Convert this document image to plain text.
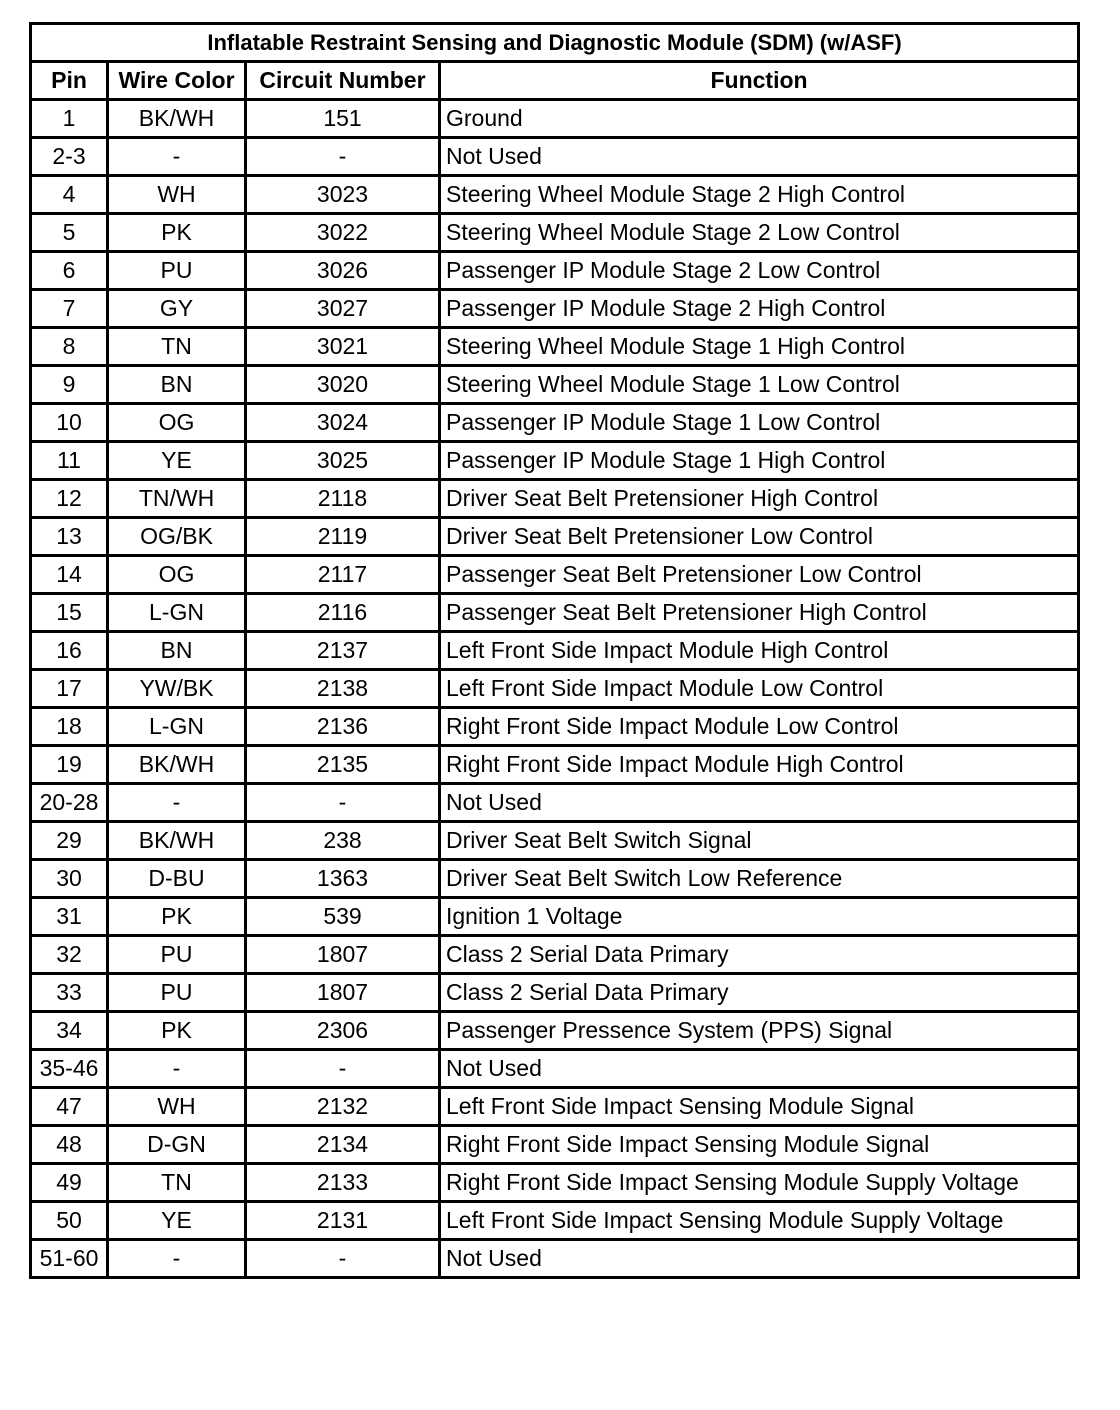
Inflatable Restraint Sensing and Diagnostic Module (SDM) (w/ASF)			
Pin	Wire Color	Circuit Number	Function
1	BK/WH	151	Ground
2-3	-	-	Not Used
4	WH	3023	Steering Wheel Module Stage 2 High Control
5	PK	3022	Steering Wheel Module Stage 2 Low Control
6	PU	3026	Passenger IP Module Stage 2 Low Control
7	GY	3027	Passenger IP Module Stage 2 High Control
8	TN	3021	Steering Wheel Module Stage 1 High Control
9	BN	3020	Steering Wheel Module Stage 1 Low Control
10	OG	3024	Passenger IP Module Stage 1 Low Control
11	YE	3025	Passenger IP Module Stage 1 High Control
12	TN/WH	2118	Driver Seat Belt Pretensioner High Control
13	OG/BK	2119	Driver Seat Belt Pretensioner Low Control
14	OG	2117	Passenger Seat Belt Pretensioner Low Control
15	L-GN	2116	Passenger Seat Belt Pretensioner High Control
16	BN	2137	Left Front Side Impact Module High Control
17	YW/BK	2138	Left Front Side Impact Module Low Control
18	L-GN	2136	Right Front Side Impact Module Low Control
19	BK/WH	2135	Right Front Side Impact Module High Control
20-28	-	-	Not Used
29	BK/WH	238	Driver Seat Belt Switch Signal
30	D-BU	1363	Driver Seat Belt Switch Low Reference
31	PK	539	Ignition 1 Voltage
32	PU	1807	Class 2 Serial Data Primary
33	PU	1807	Class 2 Serial Data Primary
34	PK	2306	Passenger Pressence System (PPS) Signal
35-46	-	-	Not Used
47	WH	2132	Left Front Side Impact Sensing Module Signal
48	D-GN	2134	Right Front Side Impact Sensing Module Signal
49	TN	2133	Right Front Side Impact Sensing Module Supply Voltage
50	YE	2131	Left Front Side Impact Sensing Module Supply Voltage
51-60	-	-	Not Used
